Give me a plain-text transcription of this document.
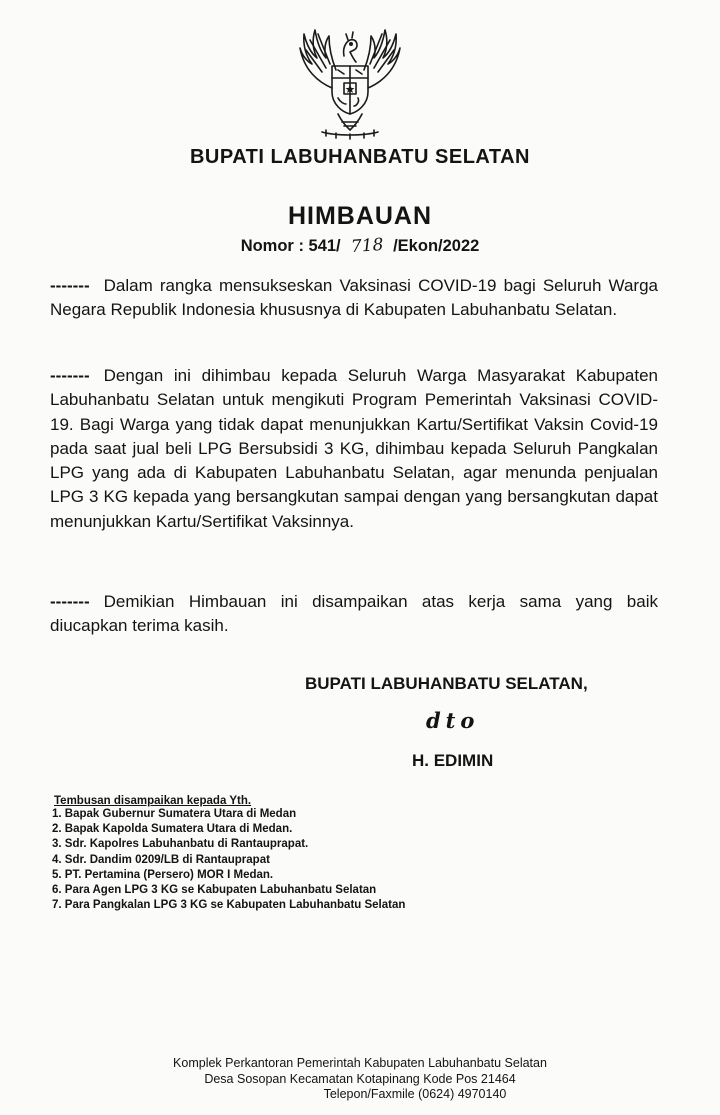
BUPATI LABUHANBATU SELATAN
HIMBAUAN
Nomor : 541/ 718 /Ekon/2022

------- Dalam rangka mensukseskan Vaksinasi COVID-19 bagi Seluruh Warga Negara Republik Indonesia khususnya di Kabupaten Labuhanbatu Selatan.

------- Dengan ini dihimbau kepada Seluruh Warga Masyarakat Kabupaten Labuhanbatu Selatan untuk mengikuti Program Pemerintah Vaksinasi COVID-19. Bagi Warga yang tidak dapat menunjukkan Kartu/Sertifikat Vaksin Covid-19 pada saat jual beli LPG Bersubsidi 3 KG, dihimbau kepada Seluruh Pangkalan LPG yang ada di Kabupaten Labuhanbatu Selatan, agar menunda penjualan LPG 3 KG kepada yang bersangkutan sampai dengan yang bersangkutan dapat menunjukkan Kartu/Sertifikat Vaksinnya.

------- Demikian Himbauan ini disampaikan atas kerja sama yang baik diucapkan terima kasih.

BUPATI LABUHANBATU SELATAN,
dto
H. EDIMIN
Tembusan disampaikan kepada Yth.
1. Bapak Gubernur Sumatera Utara di Medan
2. Bapak Kapolda Sumatera Utara di Medan.
3. Sdr. Kapolres Labuhanbatu di Rantauprapat.
4. Sdr. Dandim 0209/LB di Rantauprapat
5. PT. Pertamina (Persero) MOR I Medan.
6. Para Agen LPG 3 KG se Kabupaten Labuhanbatu Selatan
7. Para Pangkalan LPG 3 KG se Kabupaten Labuhanbatu Selatan
Komplek Perkantoran Pemerintah Kabupaten Labuhanbatu Selatan
Desa Sosopan Kecamatan Kotapinang Kode Pos 21464

Telepon/Faxmile (0624) 4970140
